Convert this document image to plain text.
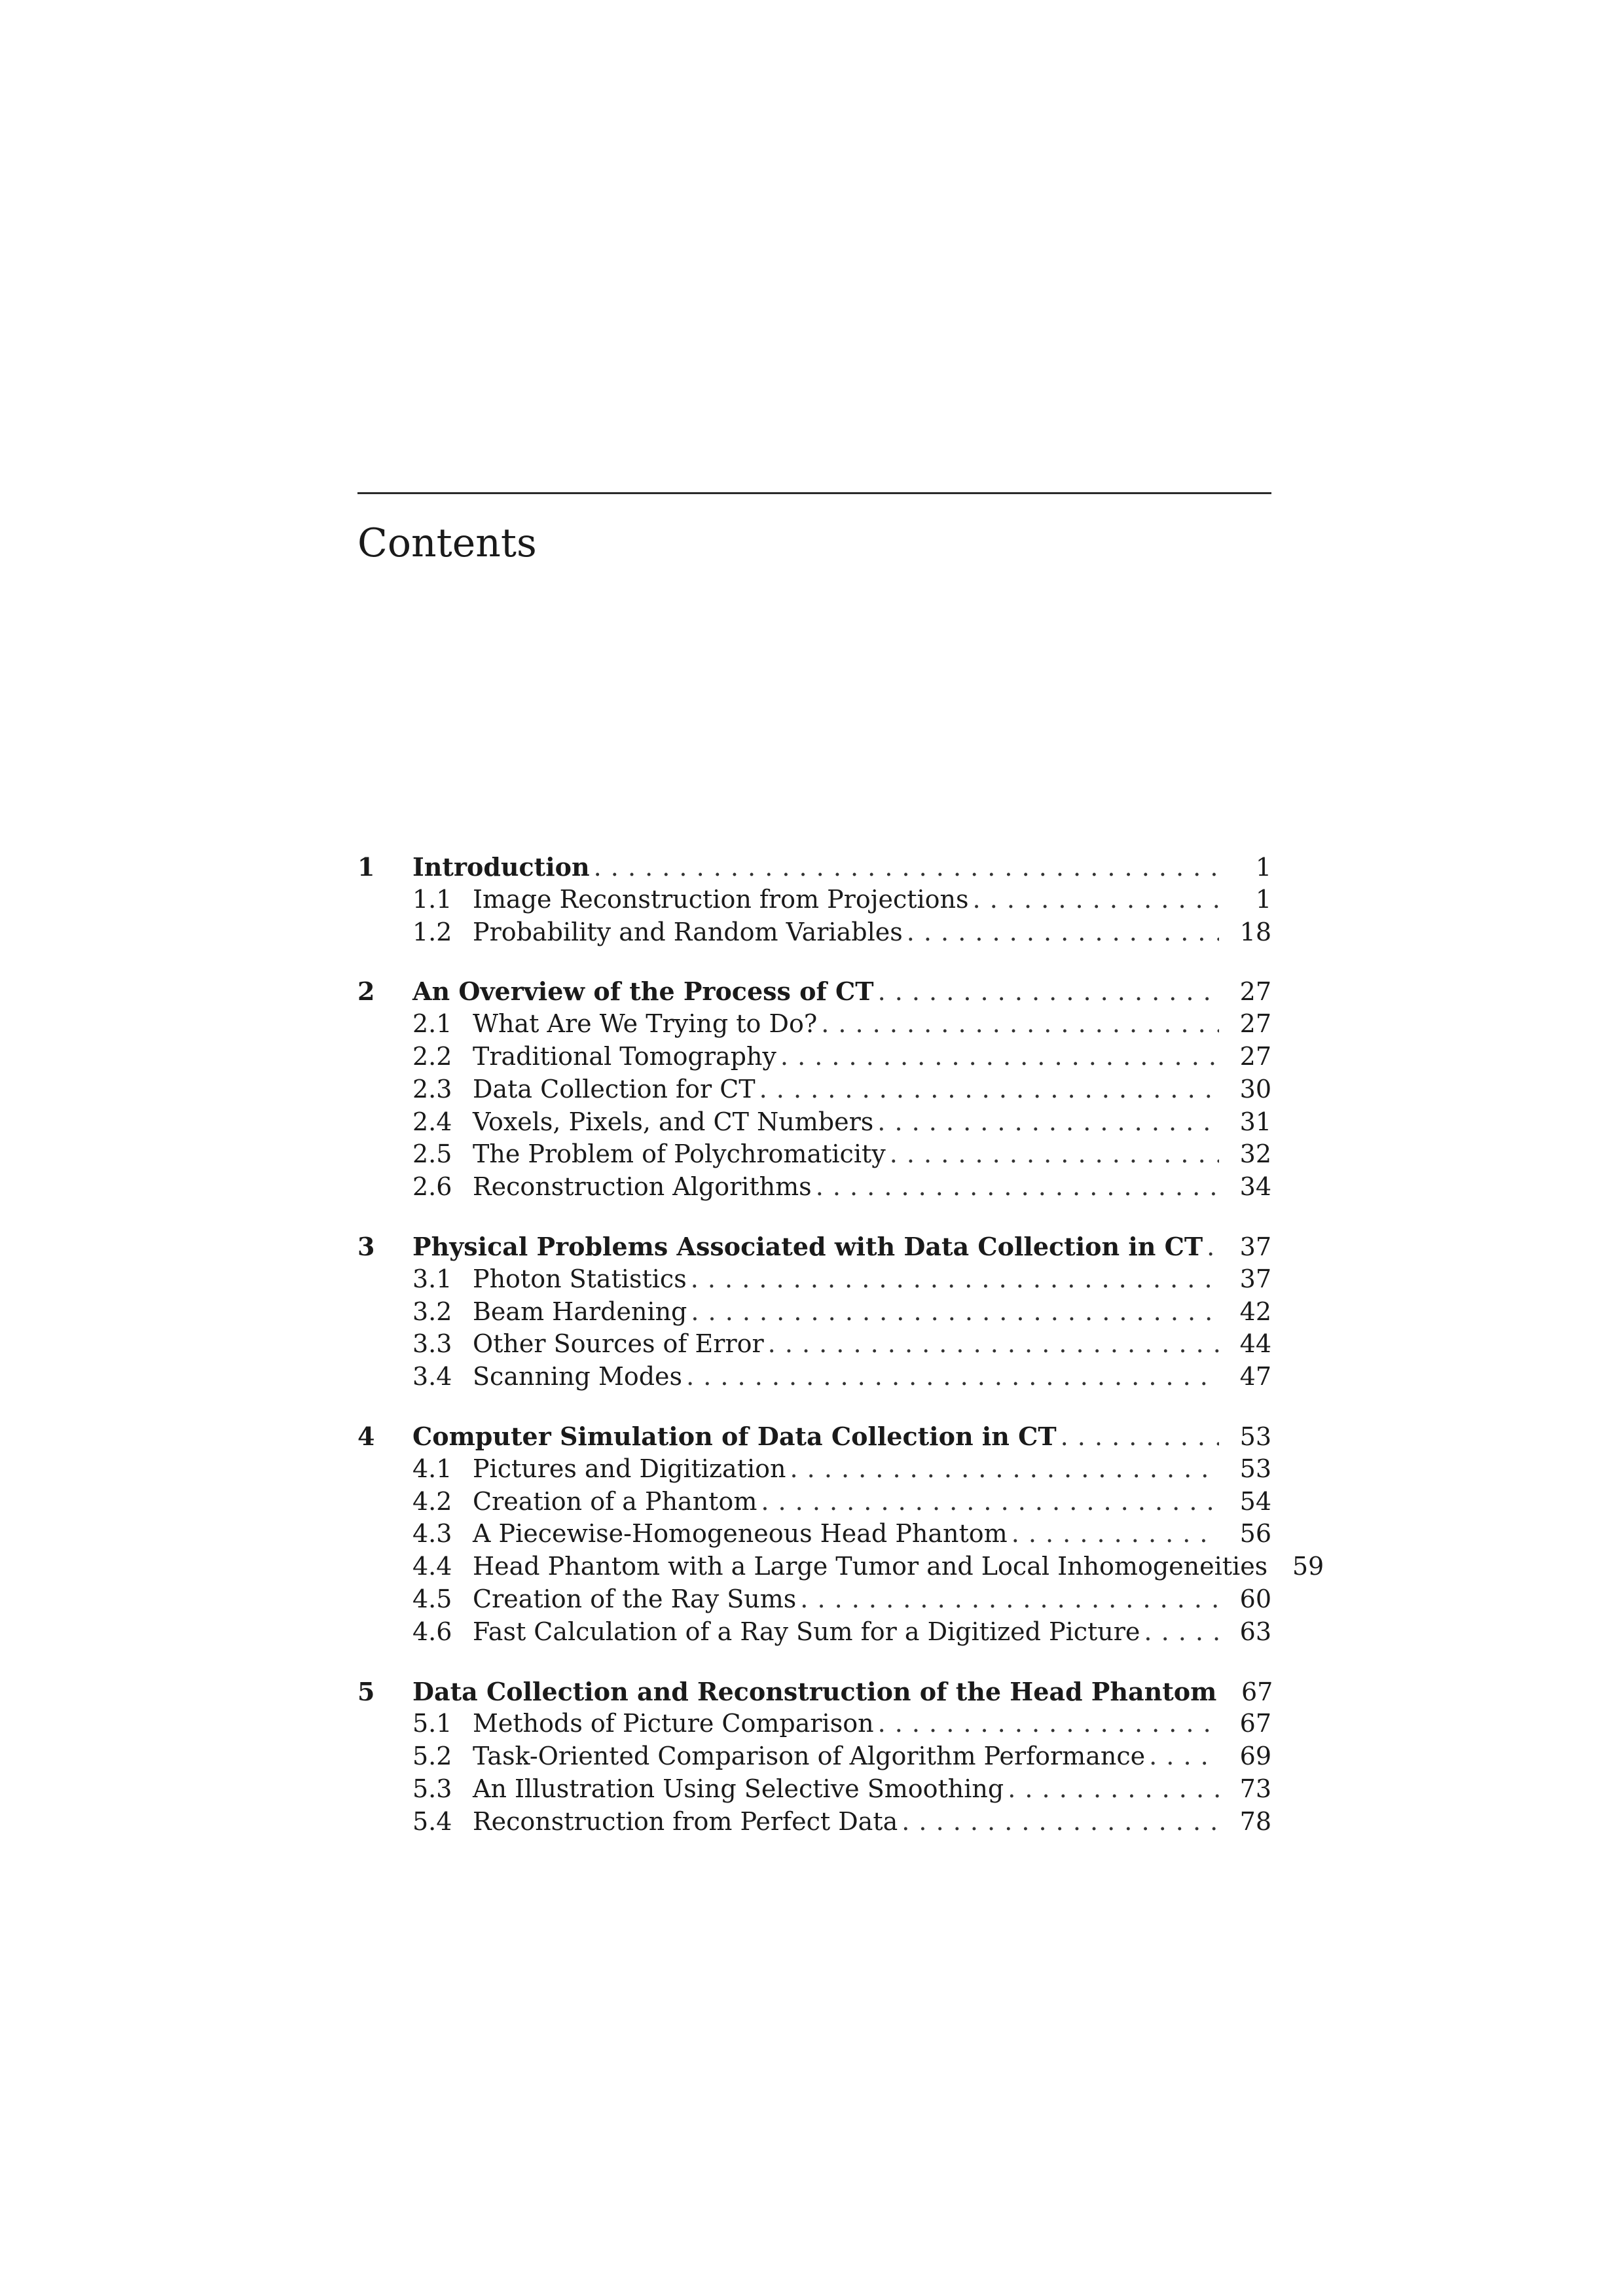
Contents
1	Introduction . . .	1
1.1 Image Reconstruction from Projections . . .	1
1.2 Probability and Random Variables . . .	18
2	An Overview of the Process of CT . . .	27
2.1 What Are We Trying to Do? . . .	27
2.2 Traditional Tomography . . .	27
2.3 Data Collection for CT . . .	30
2.4 Voxels, Pixels, and CT Numbers . . .	31
2.5 The Problem of Polychromaticity . . .	32
2.6 Reconstruction Algorithms . . .	34
3	Physical Problems Associated with Data Collection in CT . . .	37
3.1 Photon Statistics . . .	37
3.2 Beam Hardening . . .	42
3.3 Other Sources of Error . . .	44
3.4 Scanning Modes . . .	47
4	Computer Simulation of Data Collection in CT . . .	53
4.1 Pictures and Digitization . . .	53
4.2 Creation of a Phantom . . .	54
4.3 A Piecewise-Homogeneous Head Phantom . . .	56
4.4 Head Phantom with a Large Tumor and Local Inhomogeneities 59
4.5 Creation of the Ray Sums . . .	60
4.6 Fast Calculation of a Ray Sum for a Digitized Picture . . .	63
5	Data Collection and Reconstruction of the Head Phantom 67
5.1 Methods of Picture Comparison . . .	67
5.2 Task-Oriented Comparison of Algorithm Performance . . .	69
5.3 An Illustration Using Selective Smoothing . . .	73
5.4 Reconstruction from Perfect Data . . .	78
